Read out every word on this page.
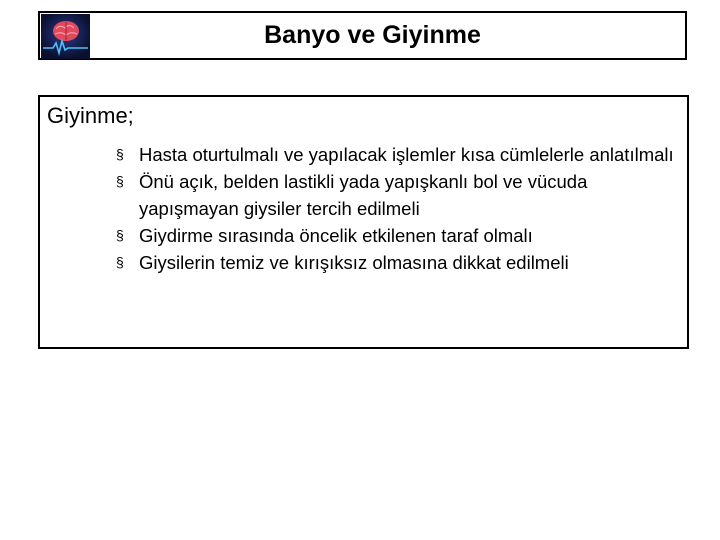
Banyo ve Giyinme
Giyinme;
§ Hasta oturtulmalı ve yapılacak işlemler kısa cümlelerle anlatılmalı
§ Önü açık, belden lastikli yada yapışkanlı bol ve vücuda yapışmayan giysiler tercih edilmeli
§ Giydirme sırasında öncelik etkilenen taraf olmalı
§ Giysilerin temiz ve kırışıksız olmasına dikkat edilmeli
